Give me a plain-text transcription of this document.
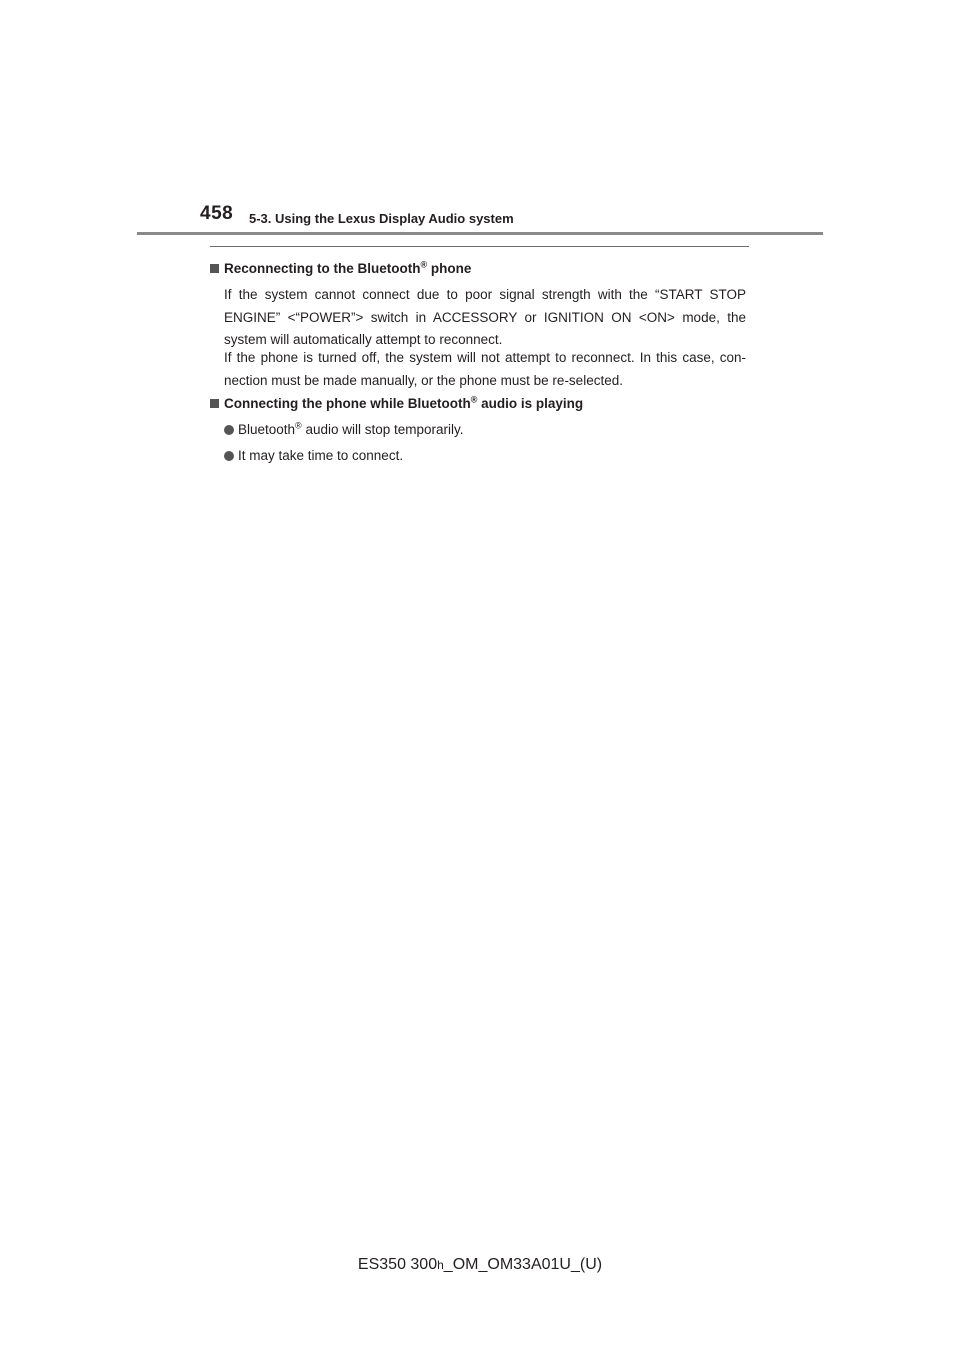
458 5-3. Using the Lexus Display Audio system
Reconnecting to the Bluetooth® phone
If the system cannot connect due to poor signal strength with the “START STOP ENGINE” <“POWER”> switch in ACCESSORY or IGNITION ON <ON> mode, the system will automatically attempt to reconnect.
If the phone is turned off, the system will not attempt to reconnect. In this case, con-nection must be made manually, or the phone must be re-selected.
Connecting the phone while Bluetooth® audio is playing
Bluetooth® audio will stop temporarily.
It may take time to connect.
ES350 300h_OM_OM33A01U_(U)
